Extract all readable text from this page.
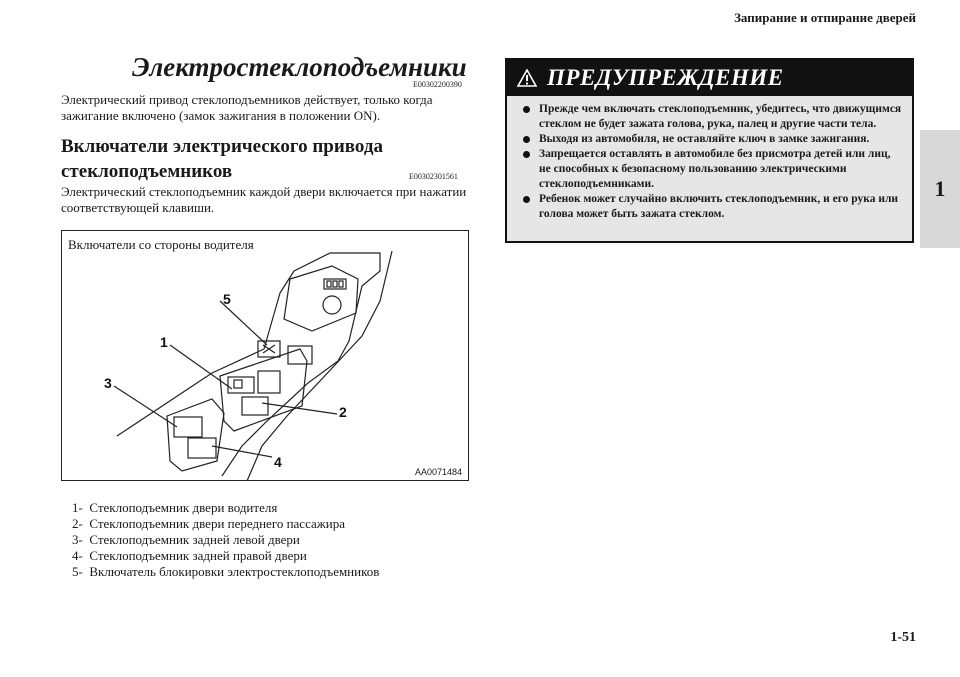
Запирание и отпирание дверей
1
Электростеклоподъемники
E00302200390
Электрический привод стеклоподъемников действует, только когда зажигание включено (замок зажигания в положении ON).
Включатели электрического привода стеклоподъемников	E00302301561
Электрический стеклоподъемник каждой двери включается при нажатии соответствующей клавиши.
Включатели со стороны водителя
5
1
2
3
4
AA0071484
1- Стеклоподъемник двери водителя
2- Стеклоподъемник двери переднего пассажира
3- Стеклоподъемник задней левой двери
4- Стеклоподъемник задней правой двери
5- Включатель блокировки электростеклоподъемников
ПРЕДУПРЕЖДЕНИЕ
Прежде чем включать стеклоподъемник, убедитесь, что движущимся стеклом не будет зажата голова, рука, палец и другие части тела.
Выходя из автомобиля, не оставляйте ключ в замке зажигания.
Запрещается оставлять в автомобиле без присмотра детей или лиц, не способных к безопасному пользованию электрическими стеклоподъемниками.
Ребенок может случайно включить стеклоподъемник, и его рука или голова может быть зажата стеклом.
1-51
